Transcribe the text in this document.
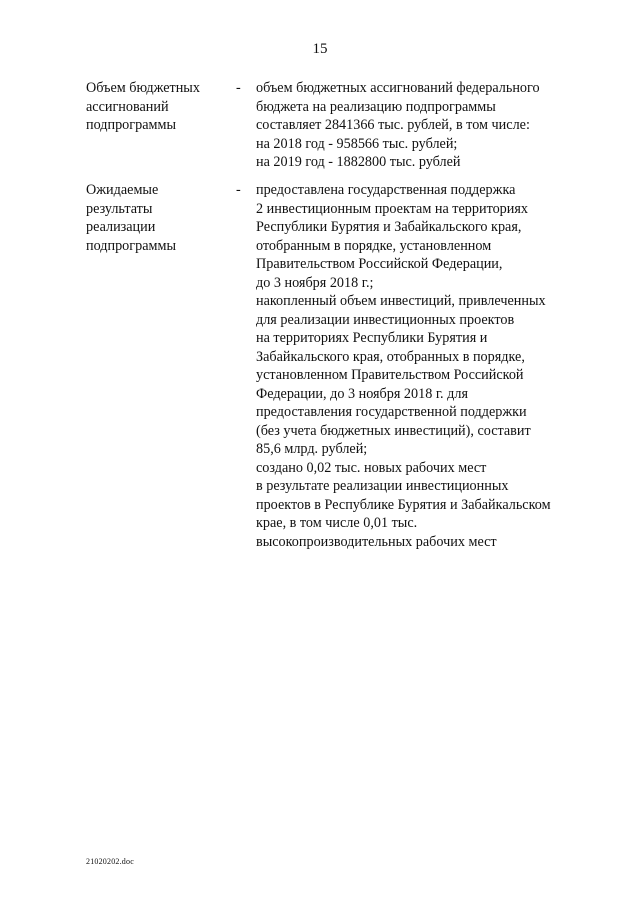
15
Объем бюджетных
ассигнований
подпрограммы
-	объем бюджетных ассигнований федерального
бюджета на реализацию подпрограммы
составляет 2841366 тыс. рублей, в том числе:
на 2018 год - 958566 тыс. рублей;
на 2019 год - 1882800 тыс. рублей
Ожидаемые
результаты
реализации
подпрограммы
-	предоставлена государственная поддержка
2 инвестиционным проектам на территориях
Республики Бурятия и Забайкальского края,
отобранным в порядке, установленном
Правительством Российской Федерации,
до 3 ноября 2018 г.;
накопленный объем инвестиций, привлеченных
для реализации инвестиционных проектов
на территориях Республики Бурятия и
Забайкальского края, отобранных в порядке,
установленном Правительством Российской
Федерации, до 3 ноября 2018 г. для
предоставления государственной поддержки
(без учета бюджетных инвестиций), составит
85,6 млрд. рублей;
создано 0,02 тыс. новых рабочих мест
в результате реализации инвестиционных
проектов в Республике Бурятия и Забайкальском
крае, в том числе 0,01 тыс.
высокопроизводительных рабочих мест
21020202.doc
